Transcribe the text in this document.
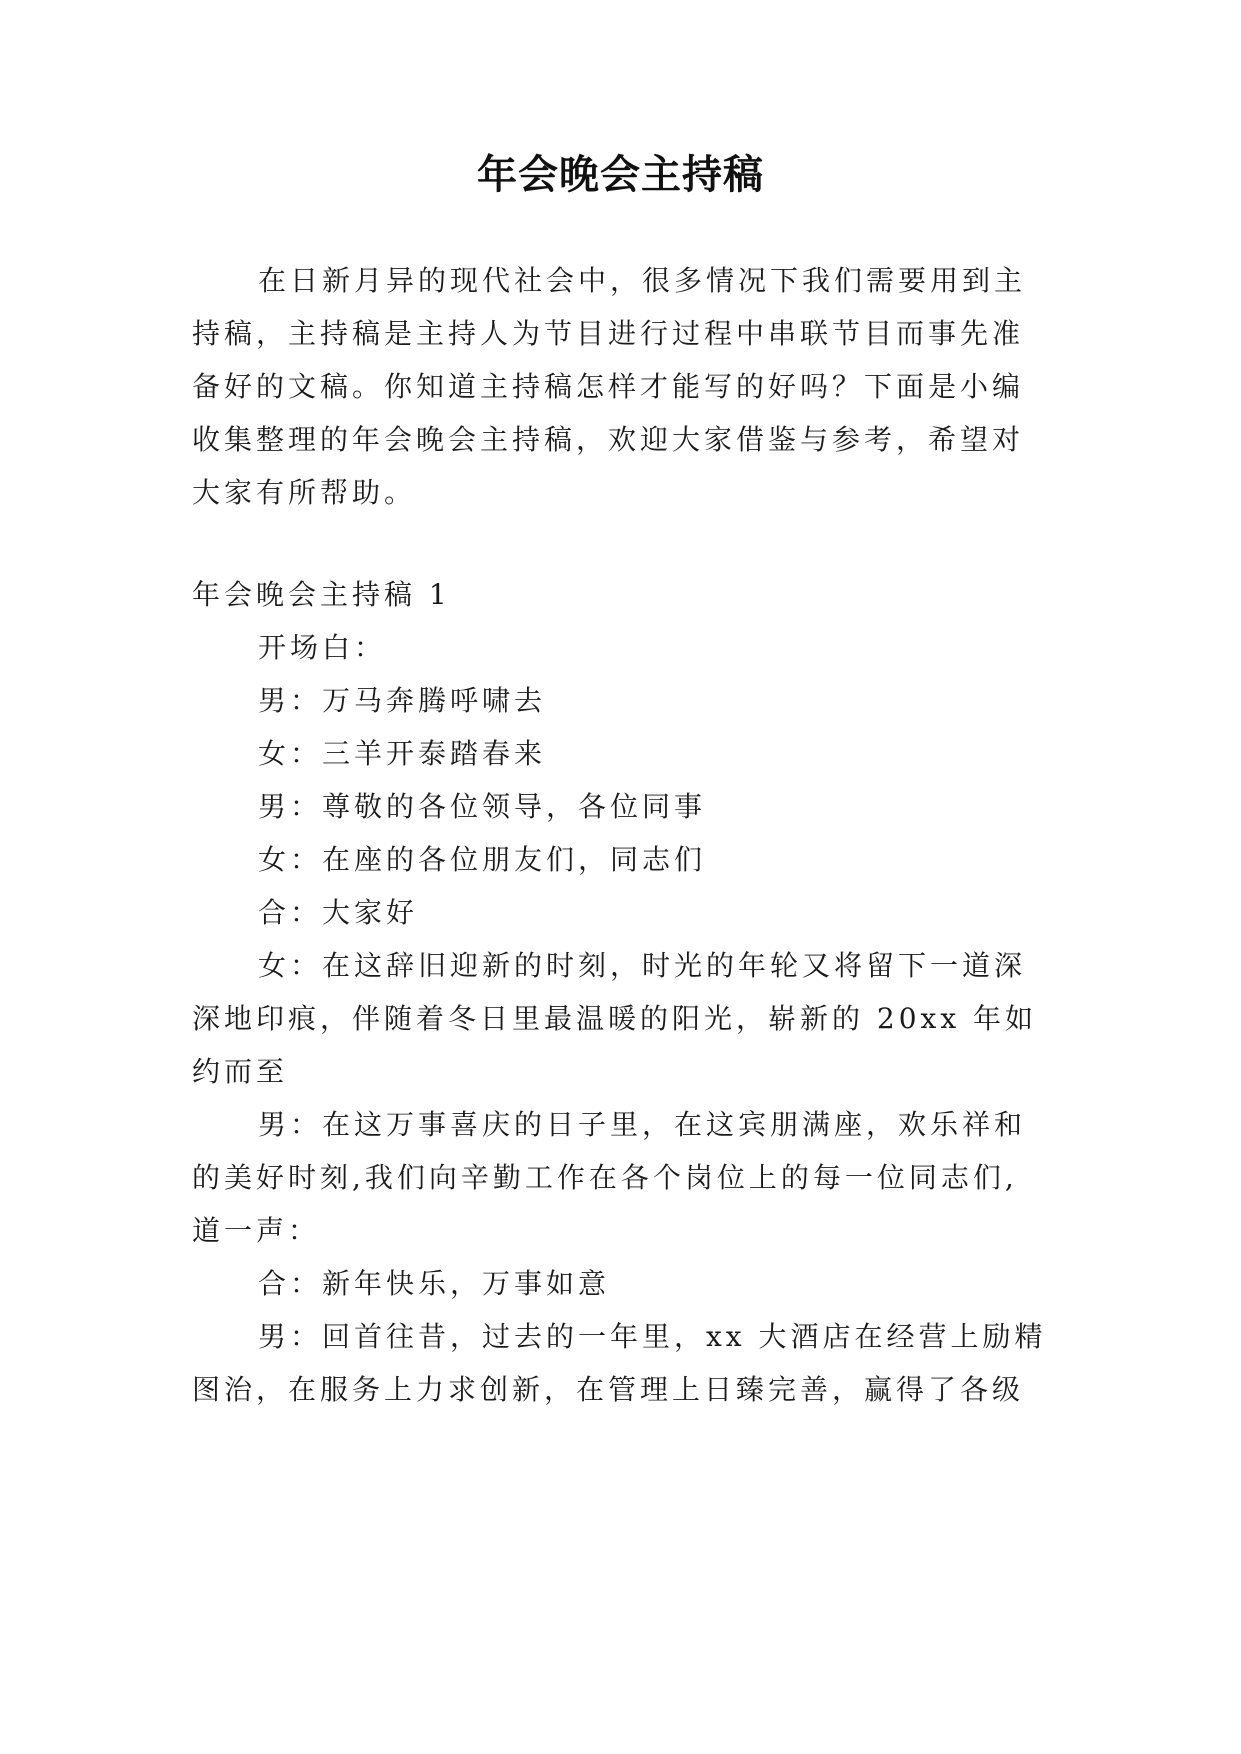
年会晚会主持稿
在日新月异的现代社会中，很多情况下我们需要用到主
持稿，主持稿是主持人为节目进行过程中串联节目而事先准
备好的文稿。你知道主持稿怎样才能写的好吗？下面是小编
收集整理的年会晚会主持稿，欢迎大家借鉴与参考，希望对
大家有所帮助。
年会晚会主持稿 1
开场白：
男：万马奔腾呼啸去
女：三羊开泰踏春来
男：尊敬的各位领导，各位同事
女：在座的各位朋友们，同志们
合：大家好
女：在这辞旧迎新的时刻，时光的年轮又将留下一道深
深地印痕，伴随着冬日里最温暖的阳光，崭新的 20xx 年如
约而至
男：在这万事喜庆的日子里，在这宾朋满座，欢乐祥和
的美好时刻,我们向辛勤工作在各个岗位上的每一位同志们,
道一声：
合：新年快乐，万事如意
男：回首往昔，过去的一年里，xx 大酒店在经营上励精
图治，在服务上力求创新，在管理上日臻完善，赢得了各级
